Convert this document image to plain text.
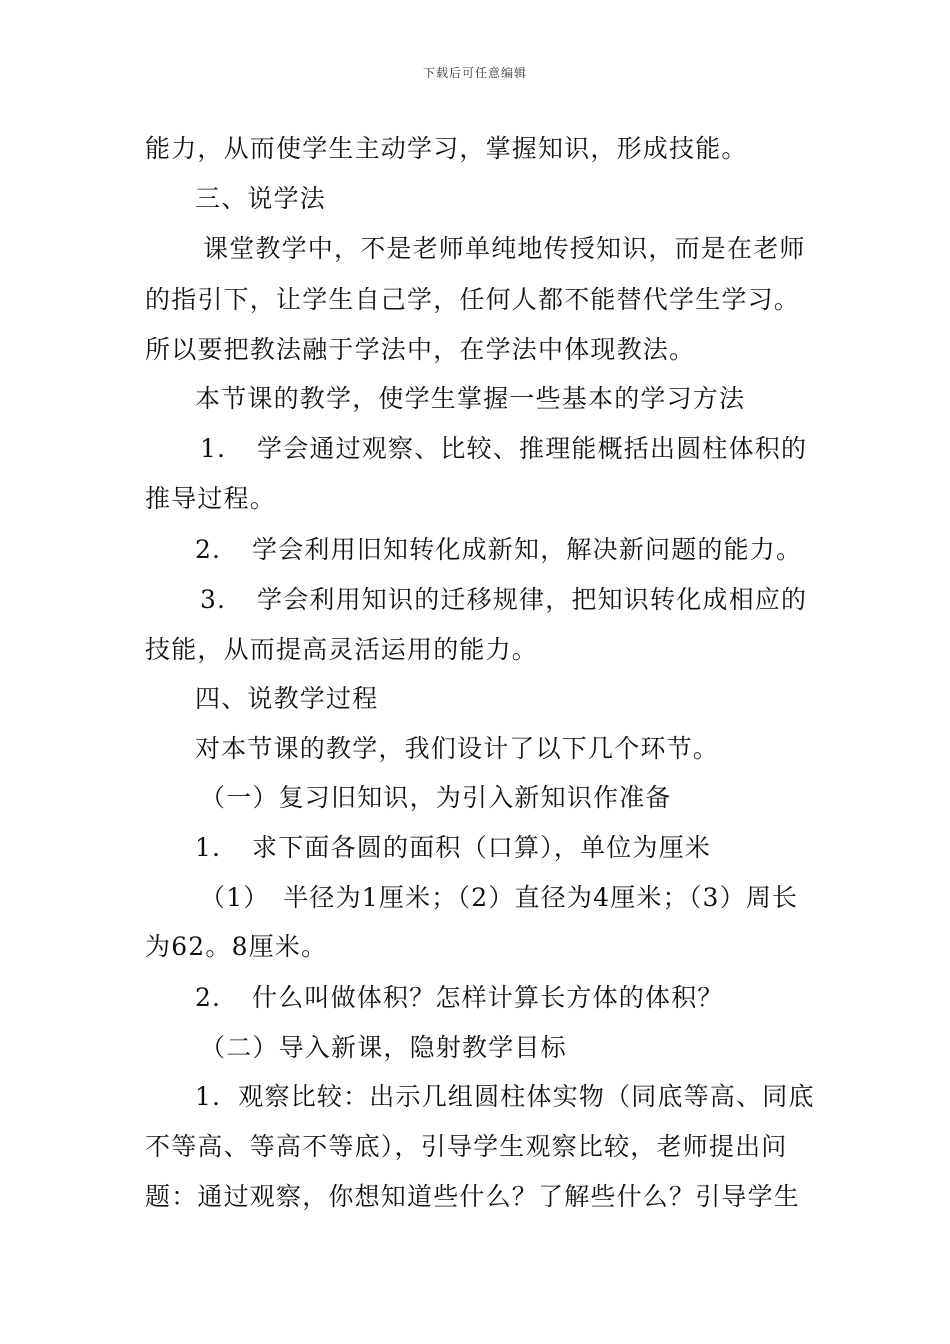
下载后可任意编辑
能力，从而使学生主动学习，掌握知识，形成技能。
三、说学法
课堂教学中，不是老师单纯地传授知识，而是在老师
的指引下，让学生自己学，任何人都不能替代学生学习。
所以要把教法融于学法中，在学法中体现教法。
本节课的教学，使学生掌握一些基本的学习方法
1．　学会通过观察、比较、推理能概括出圆柱体积的
推导过程。
2．　学会利用旧知转化成新知，解决新问题的能力。
3．　学会利用知识的迁移规律，把知识转化成相应的
技能，从而提高灵活运用的能力。
四、说教学过程
对本节课的教学，我们设计了以下几个环节。
（一）复习旧知识，为引入新知识作准备
1．　求下面各圆的面积（口算），单位为厘米
（1）　半径为1厘米；（2）直径为4厘米；（3）周长
为62。8厘米。
2．　什么叫做体积？怎样计算长方体的体积？
（二）导入新课，隐射教学目标
1．观察比较：出示几组圆柱体实物（同底等高、同底
不等高、等高不等底），引导学生观察比较，老师提出问
题：通过观察，你想知道些什么？了解些什么？引导学生
